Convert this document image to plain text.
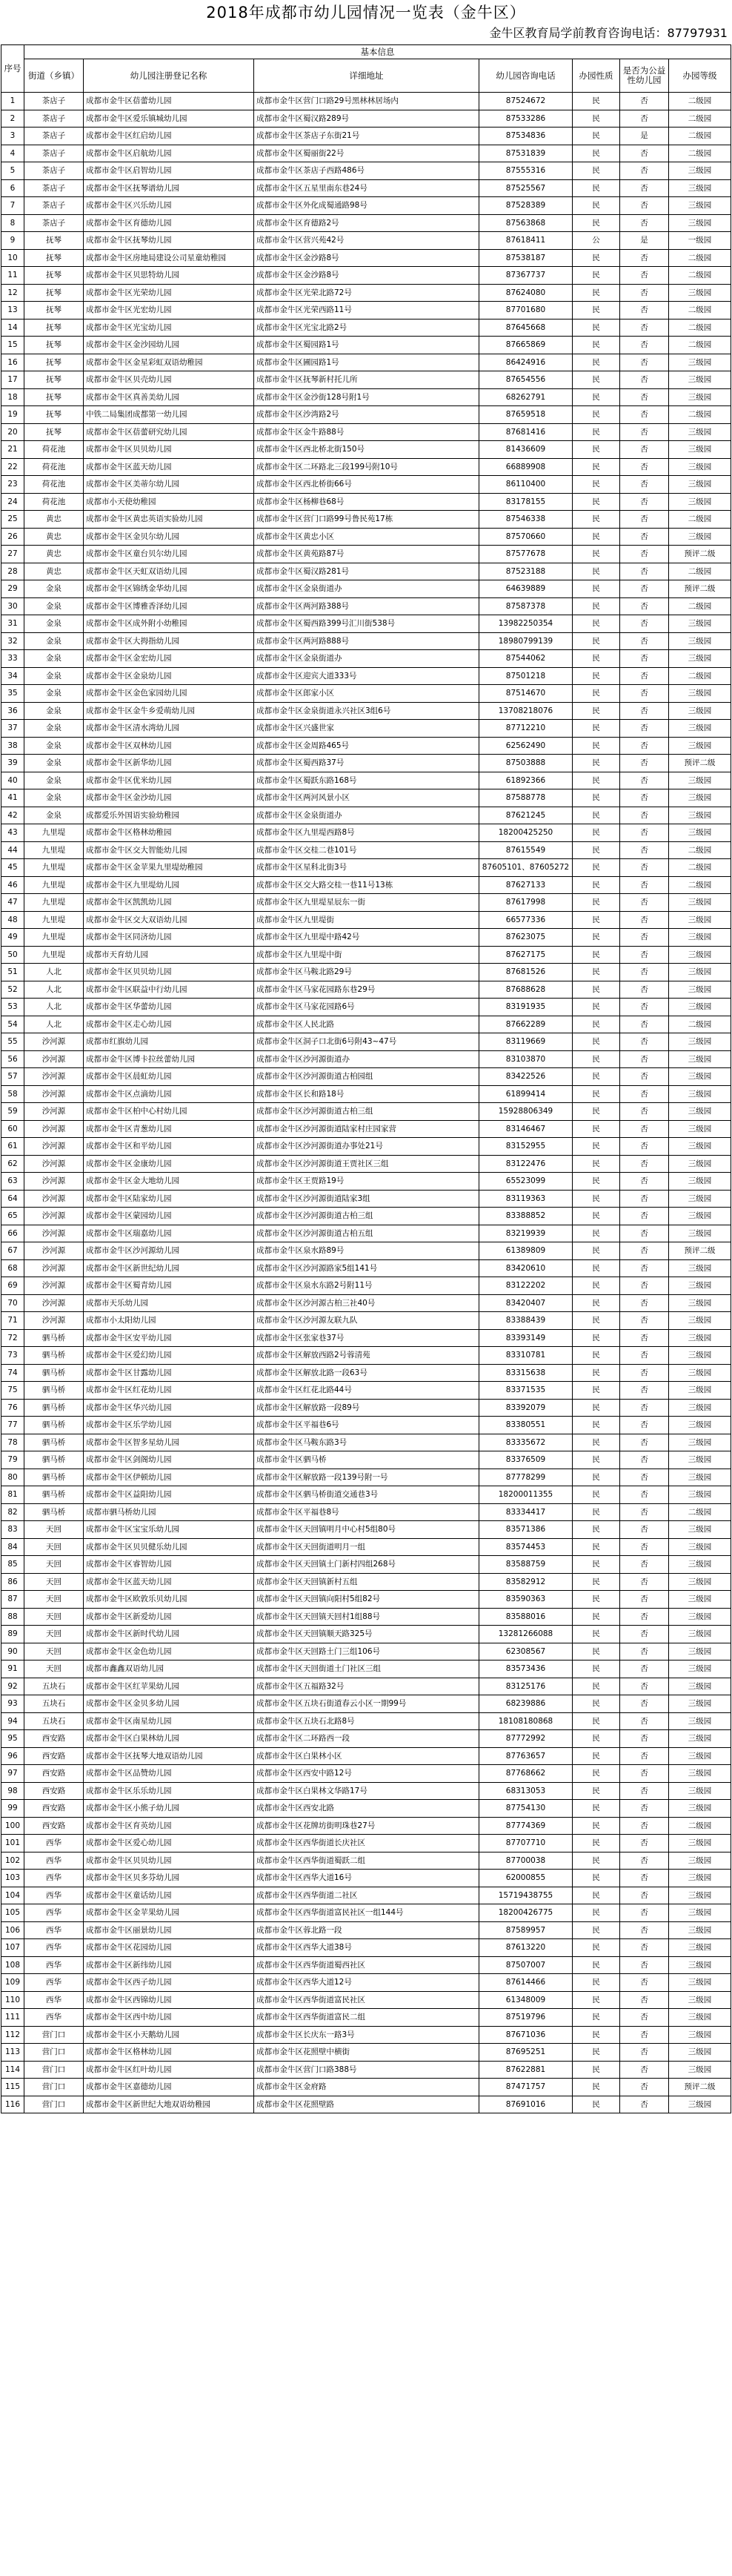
2018年成都市幼儿园情况一览表（金牛区）
金牛区教育局学前教育咨询电话：87797931
序号	基本信息						
	街道（乡镇）	幼儿园注册登记名称	详细地址	幼儿园咨询电话	办园性质	是否为公益性幼儿园	办园等级
1	茶店子	成都市金牛区蓓蕾幼儿园	成都市金牛区营门口路29号黑林林居场内	87524672	民	否	二级园
2	茶店子	成都市金牛区爱乐镇城幼儿园	成都市金牛区蜀汉路289号	87533286	民	否	二级园
3	茶店子	成都市金牛区红启幼儿园	成都市金牛区茶店子东街21号	87534836	民	是	二级园
4	茶店子	成都市金牛区启航幼儿园	成都市金牛区蜀丽街22号	87531839	民	否	二级园
5	茶店子	成都市金牛区启智幼儿园	成都市金牛区茶店子西路486号	87555316	民	否	三级园
6	茶店子	成都市金牛区抚琴谱幼儿园	成都市金牛区五星里南东巷24号	87525567	民	否	三级园
7	茶店子	成都市金牛区兴乐幼儿园	成都市金牛区外化成蜀通路98号	87528389	民	否	三级园
8	茶店子	成都市金牛区育德幼儿园	成都市金牛区育德路2号	87563868	民	否	三级园
9	抚琴	成都市金牛区抚琴幼儿园	成都市金牛区营兴苑42号	87618411	公	是	一级园
10	抚琴	成都市金牛区房地局建设公司星童幼稚园	成都市金牛区金沙路8号	87538187	民	否	二级园
11	抚琴	成都市金牛区贝思特幼儿园	成都市金牛区金沙路8号	87367737	民	否	二级园
12	抚琴	成都市金牛区光荣幼儿园	成都市金牛区光荣北路72号	87624080	民	否	三级园
13	抚琴	成都市金牛区光宏幼儿园	成都市金牛区光荣西路11号	87701680	民	否	二级园
14	抚琴	成都市金牛区光宝幼儿园	成都市金牛区光宝北路2号	87645668	民	否	二级园
15	抚琴	成都市金牛区金沙园幼儿园	成都市金牛区蜀园路1号	87665869	民	否	二级园
16	抚琴	成都市金牛区金星彩虹双语幼稚园	成都市金牛区圃园路1号	86424916	民	否	三级园
17	抚琴	成都市金牛区贝壳幼儿园	成都市金牛区抚琴新村托儿所	87654556	民	否	三级园
18	抚琴	成都市金牛区真善美幼儿园	成都市金牛区金沙街128号附1号	68262791	民	否	三级园
19	抚琴	中铁二局集团成都第一幼儿园	成都市金牛区沙湾路2号	87659518	民	否	二级园
20	抚琴	成都市金牛区蓓蕾研究幼儿园	成都市金牛区金牛路88号	87681416	民	否	三级园
21	荷花池	成都市金牛区贝贝幼儿园	成都市金牛区西北桥北街150号	81436609	民	否	三级园
22	荷花池	成都市金牛区蓝天幼儿园	成都市金牛区二环路北三段199号附10号	66889908	民	否	三级园
23	荷花池	成都市金牛区美蒂尔幼儿园	成都市金牛区西北桥街66号	86110400	民	否	三级园
24	荷花池	成都市小天使幼稚园	成都市金牛区杨柳巷68号	83178155	民	否	三级园
25	黄忠	成都市金牛区黄忠英语实验幼儿园	成都市金牛区营门口路99号鲁民苑17栋	87546338	民	否	二级园
26	黄忠	成都市金牛区金贝尔幼儿园	成都市金牛区黄忠小区	87570660	民	否	三级园
27	黄忠	成都市金牛区童台贝尔幼儿园	成都市金牛区黄苑路87号	87577678	民	否	预评二级
28	黄忠	成都市金牛区天虹双语幼儿园	成都市金牛区蜀汉路281号	87523188	民	否	二级园
29	金泉	成都市金牛区锦绣金华幼儿园	成都市金牛区金泉街道办	64639889	民	否	预评二级
30	金泉	成都市金牛区博雅香泽幼儿园	成都市金牛区两河路388号	87587378	民	否	二级园
31	金泉	成都市金牛区成外附小幼稚园	成都市金牛区蜀西路399号汇川街538号	13982250354	民	否	三级园
32	金泉	成都市金牛区大拇指幼儿园	成都市金牛区两河路888号	18980799139	民	否	三级园
33	金泉	成都市金牛区金宏幼儿园	成都市金牛区金泉街道办	87544062	民	否	三级园
34	金泉	成都市金牛区金泉幼儿园	成都市金牛区迎宾大道333号	87501218	民	否	二级园
35	金泉	成都市金牛区金色家园幼儿园	成都市金牛区郎家小区	87514670	民	否	三级园
36	金泉	成都市金牛区金牛乡爱萌幼儿园	成都市金牛区金泉街道永兴社区3组6号	13708218076	民	否	三级园
37	金泉	成都市金牛区清水湾幼儿园	成都市金牛区兴盛世家	87712210	民	否	三级园
38	金泉	成都市金牛区双林幼儿园	成都市金牛区金周路465号	62562490	民	否	三级园
39	金泉	成都市金牛区新华幼儿园	成都市金牛区蜀西路37号	87503888	民	否	预评二级
40	金泉	成都市金牛区优米幼儿园	成都市金牛区蜀跃东路168号	61892366	民	否	三级园
41	金泉	成都市金牛区金沙幼儿园	成都市金牛区两河风景小区	87588778	民	否	三级园
42	金泉	成都爱乐外国语实验幼稚园	成都市金牛区金泉街道办	87621245	民	否	三级园
43	九里堤	成都市金牛区格林幼稚园	成都市金牛区九里堤西路8号	18200425250	民	否	三级园
44	九里堤	成都市金牛区交大智能幼儿园	成都市金牛区交桂二巷101号	87615549	民	否	二级园
45	九里堤	成都市金牛区金苹果九里堤幼稚园	成都市金牛区星科北街3号	87605101、87605272	民	否	二级园
46	九里堤	成都市金牛区九里堤幼儿园	成都市金牛区交大路交桂一巷11号13栋	87627133	民	否	二级园
47	九里堤	成都市金牛区凯凯幼儿园	成都市金牛区九里堤星辰东一街	87617998	民	否	三级园
48	九里堤	成都市金牛区交大双语幼儿园	成都市金牛区九里堤街	66577336	民	否	三级园
49	九里堤	成都市金牛区同济幼儿园	成都市金牛区九里堤中路42号	87623075	民	否	三级园
50	九里堤	成都市天育幼儿园	成都市金牛区九里堤中街	87627175	民	否	三级园
51	人北	成都市金牛区贝贝幼儿园	成都市金牛区马鞍北路29号	87681526	民	否	三级园
52	人北	成都市金牛区联益中行幼儿园	成都市金牛区马家花园路东巷29号	87688628	民	否	三级园
53	人北	成都市金牛区华蕾幼儿园	成都市金牛区马家花园路6号	83191935	民	否	三级园
54	人北	成都市金牛区走心幼儿园	成都市金牛区人民北路	87662289	民	否	二级园
55	沙河源	成都市红旗幼儿园	成都市金牛区洞子口北街6号附43~47号	83119669	民	否	三级园
56	沙河源	成都市金牛区博卡拉丝蕾幼儿园	成都市金牛区沙河源街道办	83103870	民	否	三级园
57	沙河源	成都市金牛区晨虹幼儿园	成都市金牛区沙河源街道古柏园组	83422526	民	否	三级园
58	沙河源	成都市金牛区点滴幼儿园	成都市金牛区长和路18号	61899414	民	否	三级园
59	沙河源	成都市金牛区柏中心村幼儿园	成都市金牛区沙河源街道古柏三组	15928806349	民	否	三级园
60	沙河源	成都市金牛区青葱幼儿园	成都市金牛区沙河源街道陆家村庄园家营	83146467	民	否	三级园
61	沙河源	成都市金牛区和平幼儿园	成都市金牛区沙河源街道办事处21号	83152955	民	否	三级园
62	沙河源	成都市金牛区金康幼儿园	成都市金牛区沙河源街道王贾社区三组	83122476	民	否	三级园
63	沙河源	成都市金牛区金大地幼儿园	成都市金牛区王贾路19号	65523099	民	否	三级园
64	沙河源	成都市金牛区陆家幼儿园	成都市金牛区沙河源街道陆家3组	83119363	民	否	三级园
65	沙河源	成都市金牛区蒙园幼儿园	成都市金牛区沙河源街道古柏三组	83388852	民	否	三级园
66	沙河源	成都市金牛区瑞嘉幼儿园	成都市金牛区沙河源街道古柏五组	83219939	民	否	三级园
67	沙河源	成都市金牛区沙河源幼儿园	成都市金牛区泉水路89号	61389809	民	否	预评二级
68	沙河源	成都市金牛区新世纪幼儿园	成都市金牛区沙河源路家5组141号	83420610	民	否	三级园
69	沙河源	成都市金牛区蜀青幼儿园	成都市金牛区泉水东路2号附11号	83122202	民	否	三级园
70	沙河源	成都市天乐幼儿园	成都市金牛区沙河源古柏三社40号	83420407	民	否	三级园
71	沙河源	成都市小太阳幼儿园	成都市金牛区沙河源友联九队	83388439	民	否	三级园
72	驷马桥	成都市金牛区安平幼儿园	成都市金牛区张家巷37号	83393149	民	否	三级园
73	驷马桥	成都市金牛区爱幻幼儿园	成都市金牛区解放西路2号蓉清苑	83310781	民	否	三级园
74	驷马桥	成都市金牛区甘露幼儿园	成都市金牛区解放北路一段63号	83315638	民	否	三级园
75	驷马桥	成都市金牛区红花幼儿园	成都市金牛区红花北路44号	83371535	民	否	三级园
76	驷马桥	成都市金牛区华兴幼儿园	成都市金牛区解放路一段89号	83392079	民	否	三级园
77	驷马桥	成都市金牛区乐学幼儿园	成都市金牛区平福巷6号	83380551	民	否	三级园
78	驷马桥	成都市金牛区智多星幼儿园	成都市金牛区马鞍东路3号	83335672	民	否	三级园
79	驷马桥	成都市金牛区剑阁幼儿园	成都市金牛区驷马桥	83376509	民	否	三级园
80	驷马桥	成都市金牛区伊顿幼儿园	成都市金牛区解放路一段139号附一号	87778299	民	否	三级园
81	驷马桥	成都市金牛区益阳幼儿园	成都市金牛区驷马桥街道交通巷3号	18200011355	民	否	三级园
82	驷马桥	成都市驷马桥幼儿园	成都市金牛区平福巷8号	83334417	民	否	二级园
83	天回	成都市金牛区宝宝乐幼儿园	成都市金牛区天回镇明月中心村5组80号	83571386	民	否	三级园
84	天回	成都市金牛区贝贝健乐幼儿园	成都市金牛区天回街道明月一组	83574453	民	否	三级园
85	天回	成都市金牛区睿智幼儿园	成都市金牛区天回镇土门新村四组268号	83588759	民	否	三级园
86	天回	成都市金牛区蓝天幼儿园	成都市金牛区天回镇新村五组	83582912	民	否	三级园
87	天回	成都市金牛区欧敦乐贝幼儿园	成都市金牛区天回镇向阳村5组82号	83590363	民	否	三级园
88	天回	成都市金牛区新爱幼儿园	成都市金牛区天回镇天回村1组88号	83588016	民	否	三级园
89	天回	成都市金牛区新时代幼儿园	成都市金牛区天回镇顺天路325号	13281266088	民	否	三级园
90	天回	成都市金牛区金色幼儿园	成都市金牛区天回路土门三组106号	62308567	民	否	三级园
91	天回	成都市鑫鑫双语幼儿园	成都市金牛区天回街道土门社区三组	83573436	民	否	三级园
92	五块石	成都市金牛区红苹果幼儿园	成都市金牛区五福路32号	83125176	民	否	三级园
93	五块石	成都市金牛区金贝多幼儿园	成都市金牛区五块石街道春云小区一期99号	68239886	民	否	三级园
94	五块石	成都市金牛区南星幼儿园	成都市金牛区五块石北路8号	18108180868	民	否	三级园
95	西安路	成都市金牛区白果林幼儿园	成都市金牛区二环路西一段	87772992	民	否	三级园
96	西安路	成都市金牛区抚琴大地双语幼儿园	成都市金牛区白果林小区	87763657	民	否	三级园
97	西安路	成都市金牛区品赞幼儿园	成都市金牛区西安中路12号	87768662	民	否	三级园
98	西安路	成都市金牛区乐乐幼儿园	成都市金牛区白果林文华路17号	68313053	民	否	三级园
99	西安路	成都市金牛区小熊子幼儿园	成都市金牛区西安北路	87754130	民	否	三级园
100	西安路	成都市金牛区育英幼儿园	成都市金牛区花牌坊街明珠巷27号	87774369	民	否	二级园
101	西华	成都市金牛区爱心幼儿园	成都市金牛区西华街道长庆社区	87707710	民	否	三级园
102	西华	成都市金牛区贝贝幼儿园	成都市金牛区西华街道蜀跃二组	87700038	民	否	三级园
103	西华	成都市金牛区贝多芬幼儿园	成都市金牛区西华大道16号	62000855	民	否	三级园
104	西华	成都市金牛区童话幼儿园	成都市金牛区西华街道二社区	15719438755	民	否	三级园
105	西华	成都市金牛区金苹果幼儿园	成都市金牛区西华街道富民社区一组144号	18200426775	民	否	三级园
106	西华	成都市金牛区丽景幼儿园	成都市金牛区蓉北路一段	87589957	民	否	三级园
107	西华	成都市金牛区花园幼儿园	成都市金牛区西华大道38号	87613220	民	否	三级园
108	西华	成都市金牛区新纬幼儿园	成都市金牛区西华街道蜀西社区	87507007	民	否	三级园
109	西华	成都市金牛区西子幼儿园	成都市金牛区西华大道12号	87614466	民	否	三级园
110	西华	成都市金牛区西锦幼儿园	成都市金牛区西华街道富民社区	61348009	民	否	三级园
111	西华	成都市金牛区西中幼儿园	成都市金牛区西华街道富民二组	87519796	民	否	三级园
112	营门口	成都市金牛区小天鹅幼儿园	成都市金牛区长庆东一路3号	87671036	民	否	三级园
113	营门口	成都市金牛区格林幼儿园	成都市金牛区花照壁中横街	87695251	民	否	三级园
114	营门口	成都市金牛区红叶幼儿园	成都市金牛区营门口路388号	87622881	民	否	三级园
115	营门口	成都市金牛区嘉德幼儿园	成都市金牛区金府路	87471757	民	否	预评二级
116	营门口	成都市金牛区新世纪大地双语幼稚园	成都市金牛区花照壁路	87691016	民	否	三级园
